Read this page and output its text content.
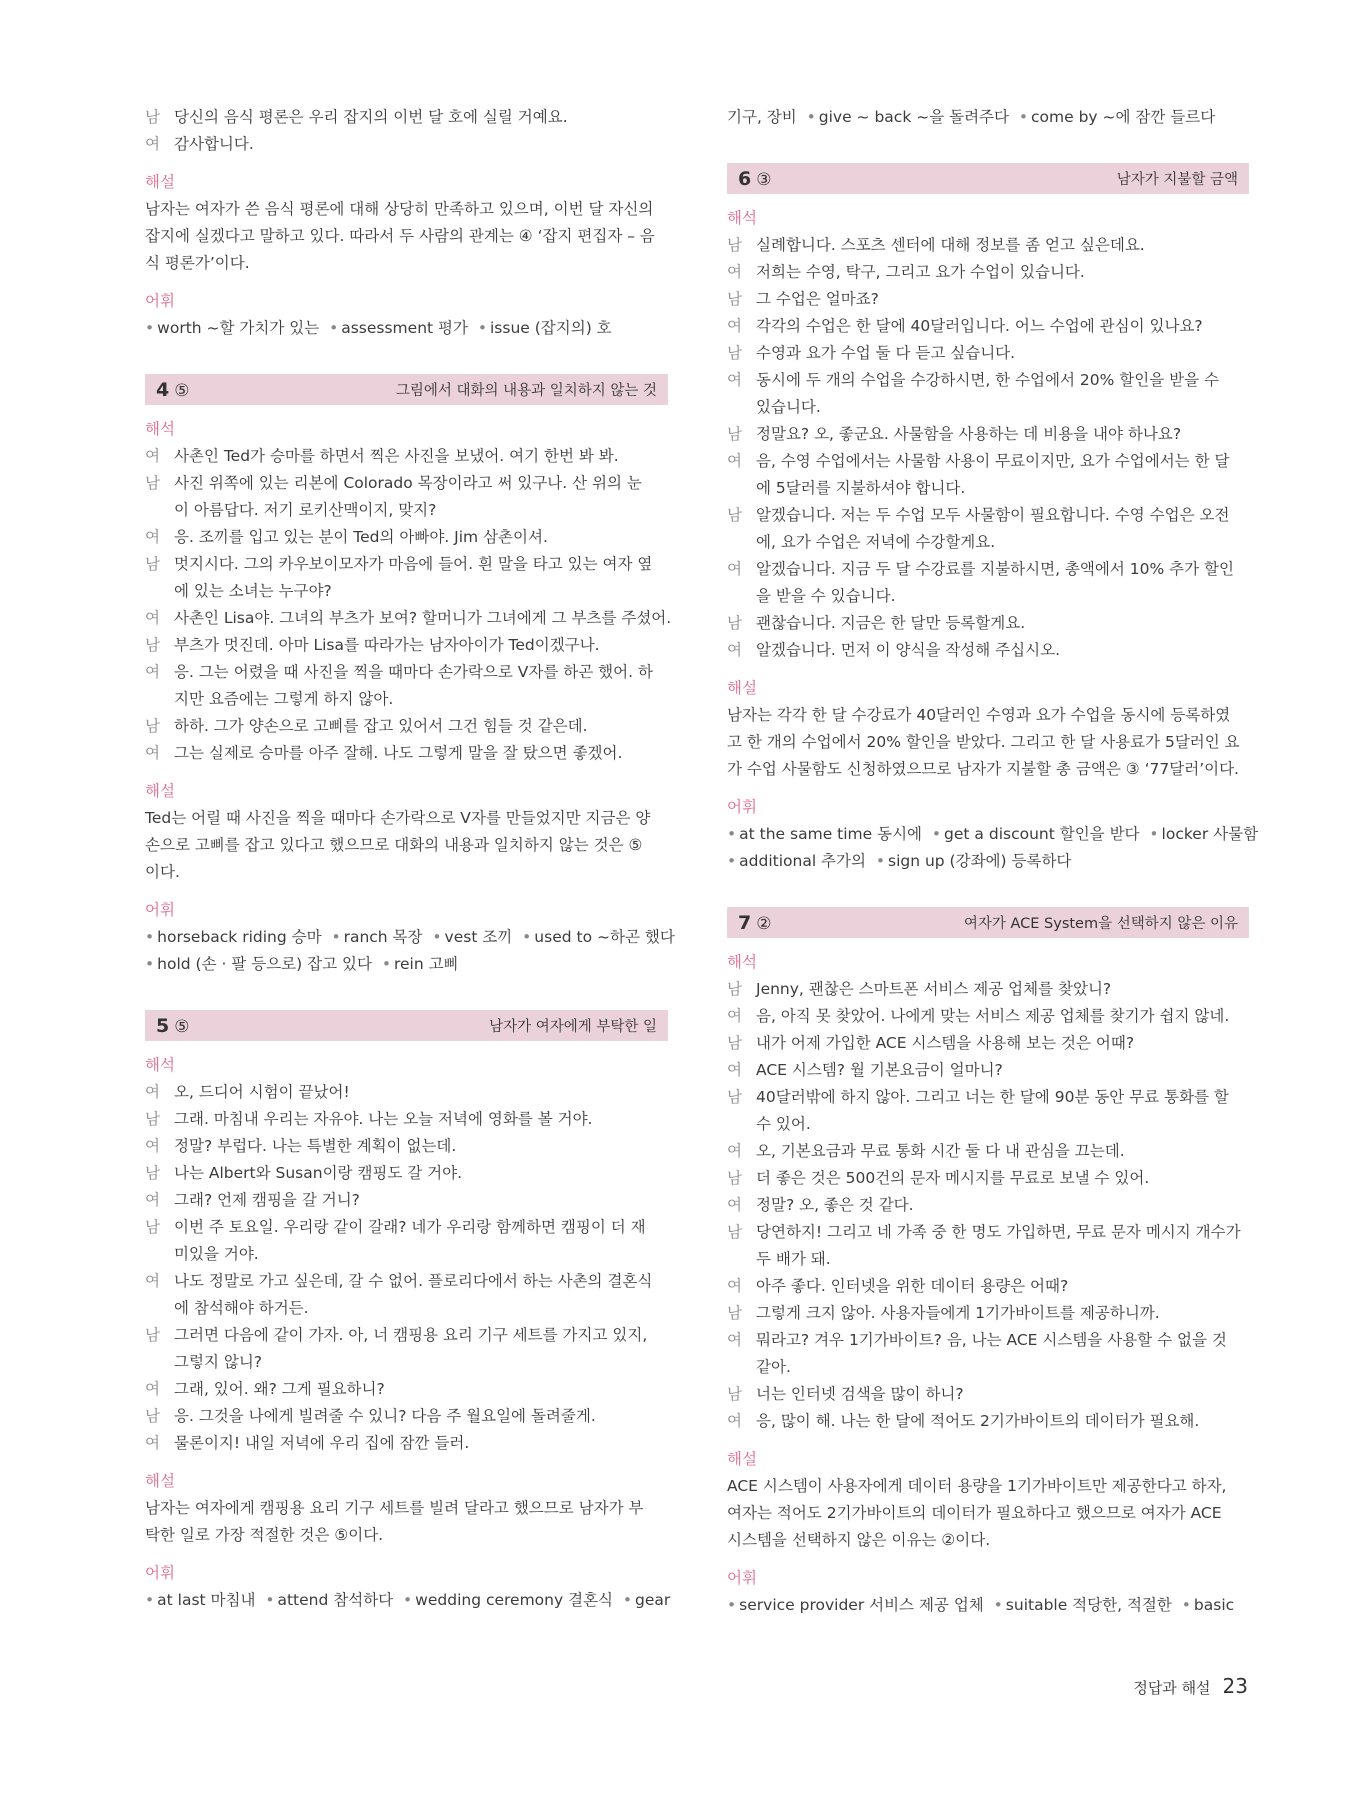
남 당신의 음식 평론은 우리 잡지의 이번 달 호에 실릴 거예요.
여 감사합니다.
해설
남자는 여자가 쓴 음식 평론에 대해 상당히 만족하고 있으며, 이번 달 자신의
잡지에 실겠다고 말하고 있다. 따라서 두 사람의 관계는 ④ ‘잡지 편집자 – 음
식 평론가’이다.
어휘
• worth ~할 가치가 있는 • assessment 평가 • issue (잡지의) 호
4 ⑤	그림에서 대화의 내용과 일치하지 않는 것
해석
여 사촌인 Ted가 승마를 하면서 찍은 사진을 보냈어. 여기 한번 봐 봐.
남 사진 위쪽에 있는 리본에 Colorado 목장이라고 써 있구나. 산 위의 눈
이 아름답다. 저기 로키산맥이지, 맞지?
여 응. 조끼를 입고 있는 분이 Ted의 아빠야. Jim 삼촌이셔.
남 멋지시다. 그의 카우보이모자가 마음에 들어. 흰 말을 타고 있는 여자 옆
에 있는 소녀는 누구야?
여 사촌인 Lisa야. 그녀의 부츠가 보여? 할머니가 그녀에게 그 부츠를 주셨어.
남 부츠가 멋진데. 아마 Lisa를 따라가는 남자아이가 Ted이겠구나.
여 응. 그는 어렸을 때 사진을 찍을 때마다 손가락으로 V자를 하곤 했어. 하
지만 요즘에는 그렇게 하지 않아.
남 하하. 그가 양손으로 고삐를 잡고 있어서 그건 힘들 것 같은데.
여 그는 실제로 승마를 아주 잘해. 나도 그렇게 말을 잘 탔으면 좋겠어.
해설
Ted는 어릴 때 사진을 찍을 때마다 손가락으로 V자를 만들었지만 지금은 양
손으로 고삐를 잡고 있다고 했으므로 대화의 내용과 일치하지 않는 것은 ⑤
이다.
어휘
• horseback riding 승마 • ranch 목장 • vest 조끼 • used to ~하곤 했다
• hold (손 · 팔 등으로) 잡고 있다 • rein 고삐
5 ⑤	남자가 여자에게 부탁한 일
해석
여 오, 드디어 시험이 끝났어!
남 그래. 마침내 우리는 자유야. 나는 오늘 저녁에 영화를 볼 거야.
여 정말? 부럽다. 나는 특별한 계획이 없는데.
남 나는 Albert와 Susan이랑 캠핑도 갈 거야.
여 그래? 언제 캠핑을 갈 거니?
남 이번 주 토요일. 우리랑 같이 갈래? 네가 우리랑 함께하면 캠핑이 더 재
미있을 거야.
여 나도 정말로 가고 싶은데, 갈 수 없어. 플로리다에서 하는 사촌의 결혼식
에 참석해야 하거든.
남 그러면 다음에 같이 가자. 아, 너 캠핑용 요리 기구 세트를 가지고 있지,
그렇지 않니?
여 그래, 있어. 왜? 그게 필요하니?
남 응. 그것을 나에게 빌려줄 수 있니? 다음 주 월요일에 돌려줄게.
여 물론이지! 내일 저녁에 우리 집에 잠깐 들러.
해설
남자는 여자에게 캠핑용 요리 기구 세트를 빌려 달라고 했으므로 남자가 부
탁한 일로 가장 적절한 것은 ⑤이다.
어휘
• at last 마침내 • attend 참석하다 • wedding ceremony 결혼식 • gear
기구, 장비 • give ~ back ~을 돌려주다 • come by ~에 잠깐 들르다
6 ③	남자가 지불할 금액
해석
남 실례합니다. 스포츠 센터에 대해 정보를 좀 얻고 싶은데요.
여 저희는 수영, 탁구, 그리고 요가 수업이 있습니다.
남 그 수업은 얼마죠?
여 각각의 수업은 한 달에 40달러입니다. 어느 수업에 관심이 있나요?
남 수영과 요가 수업 둘 다 듣고 싶습니다.
여 동시에 두 개의 수업을 수강하시면, 한 수업에서 20% 할인을 받을 수
있습니다.
남 정말요? 오, 좋군요. 사물함을 사용하는 데 비용을 내야 하나요?
여 음, 수영 수업에서는 사물함 사용이 무료이지만, 요가 수업에서는 한 달
에 5달러를 지불하셔야 합니다.
남 알겠습니다. 저는 두 수업 모두 사물함이 필요합니다. 수영 수업은 오전
에, 요가 수업은 저녁에 수강할게요.
여 알겠습니다. 지금 두 달 수강료를 지불하시면, 총액에서 10% 추가 할인
을 받을 수 있습니다.
남 괜찮습니다. 지금은 한 달만 등록할게요.
여 알겠습니다. 먼저 이 양식을 작성해 주십시오.
해설
남자는 각각 한 달 수강료가 40달러인 수영과 요가 수업을 동시에 등록하였
고 한 개의 수업에서 20% 할인을 받았다. 그리고 한 달 사용료가 5달러인 요
가 수업 사물함도 신청하였으므로 남자가 지불할 총 금액은 ③ ‘77달러’이다.
어휘
• at the same time 동시에 • get a discount 할인을 받다 • locker 사물함
• additional 추가의 • sign up (강좌에) 등록하다
7 ②	여자가 ACE System을 선택하지 않은 이유
해석
남 Jenny, 괜찮은 스마트폰 서비스 제공 업체를 찾았니?
여 음, 아직 못 찾았어. 나에게 맞는 서비스 제공 업체를 찾기가 쉽지 않네.
남 내가 어제 가입한 ACE 시스템을 사용해 보는 것은 어때?
여 ACE 시스템? 월 기본요금이 얼마니?
남 40달러밖에 하지 않아. 그리고 너는 한 달에 90분 동안 무료 통화를 할
수 있어.
여 오, 기본요금과 무료 통화 시간 둘 다 내 관심을 끄는데.
남 더 좋은 것은 500건의 문자 메시지를 무료로 보낼 수 있어.
여 정말? 오, 좋은 것 같다.
남 당연하지! 그리고 네 가족 중 한 명도 가입하면, 무료 문자 메시지 개수가
두 배가 돼.
여 아주 좋다. 인터넷을 위한 데이터 용량은 어때?
남 그렇게 크지 않아. 사용자들에게 1기가바이트를 제공하니까.
여 뭐라고? 겨우 1기가바이트? 음, 나는 ACE 시스템을 사용할 수 없을 것
같아.
남 너는 인터넷 검색을 많이 하니?
여 응, 많이 해. 나는 한 달에 적어도 2기가바이트의 데이터가 필요해.
해설
ACE 시스템이 사용자에게 데이터 용량을 1기가바이트만 제공한다고 하자,
여자는 적어도 2기가바이트의 데이터가 필요하다고 했으므로 여자가 ACE
시스템을 선택하지 않은 이유는 ②이다.
어휘
• service provider 서비스 제공 업체 • suitable 적당한, 적절한 • basic
정답과 해설 23
